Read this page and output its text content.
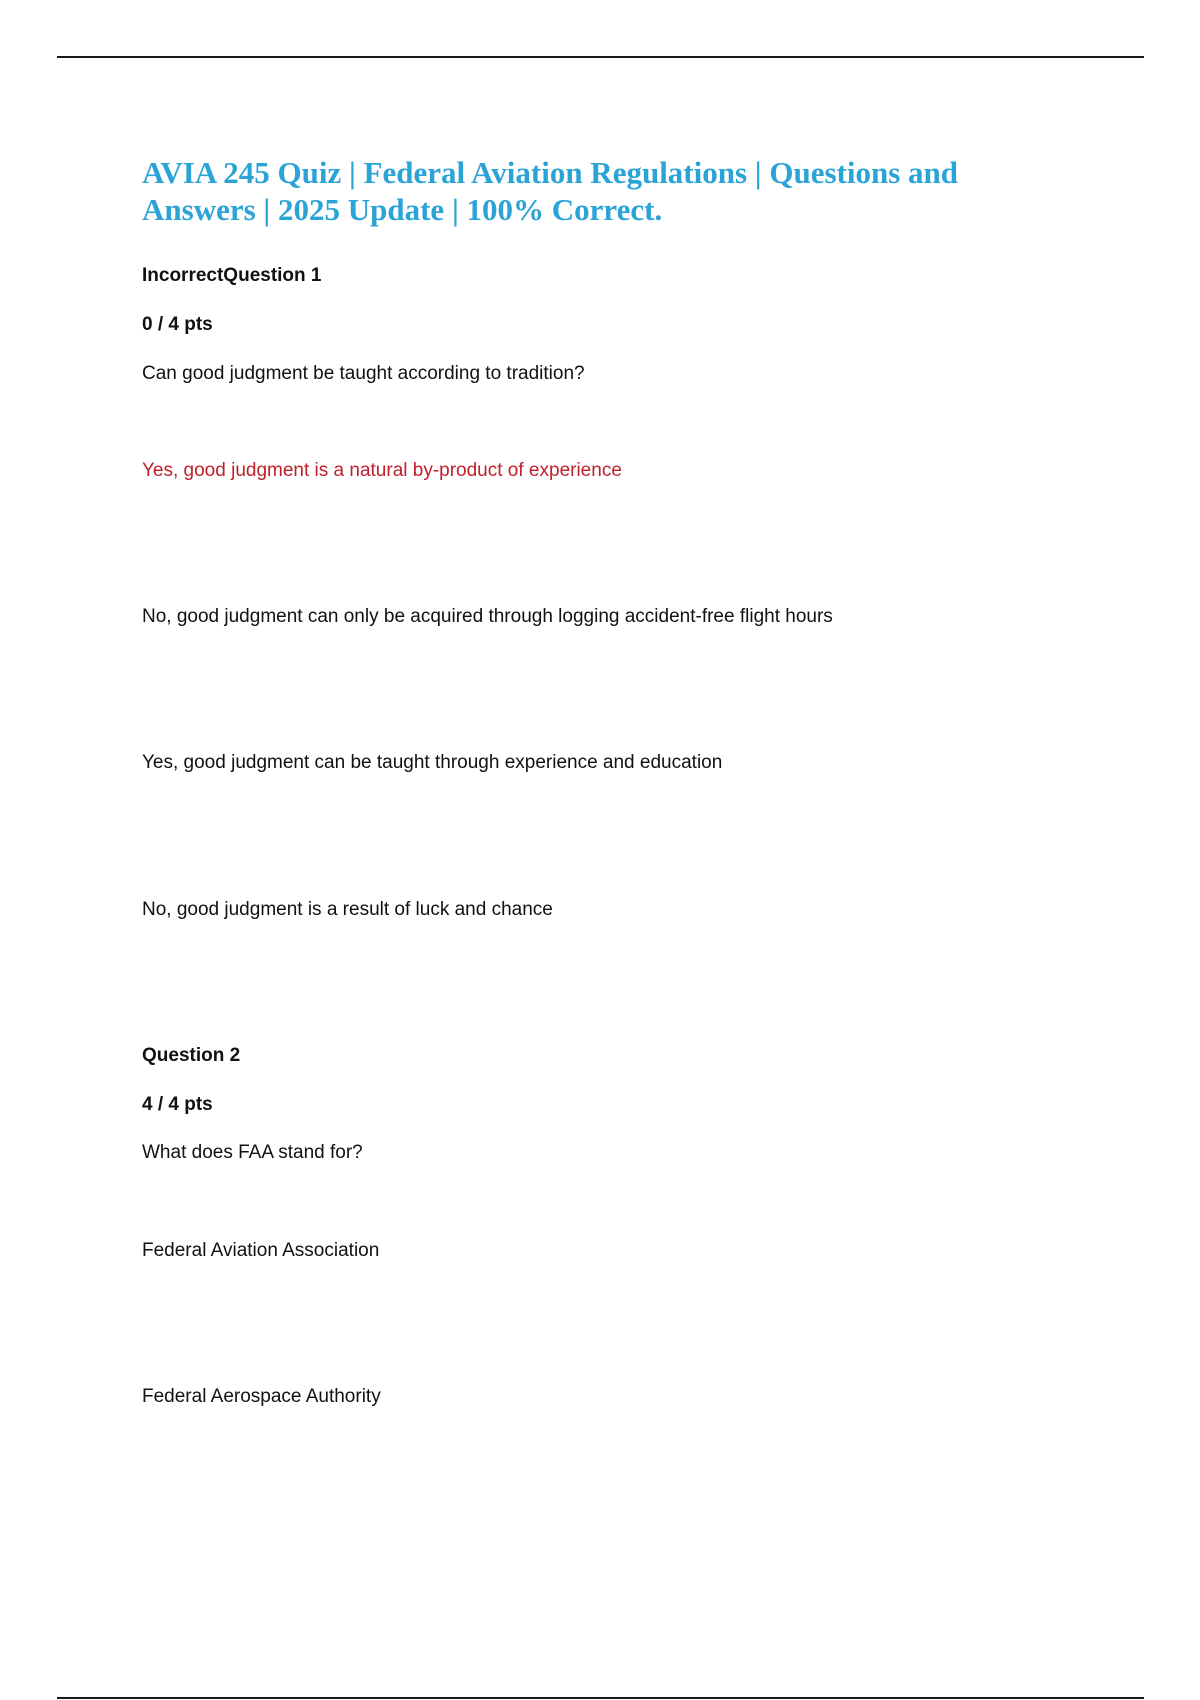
AVIA 245 Quiz | Federal Aviation Regulations | Questions and Answers | 2025 Update | 100% Correct.

IncorrectQuestion 1

0 / 4 pts

Can good judgment be taught according to tradition?

Yes, good judgment is a natural by-product of experience

No, good judgment can only be acquired through logging accident-free flight hours

Yes, good judgment can be taught through experience and education

No, good judgment is a result of luck and chance

Question 2

4 / 4 pts

What does FAA stand for?

Federal Aviation Association

Federal Aerospace Authority
